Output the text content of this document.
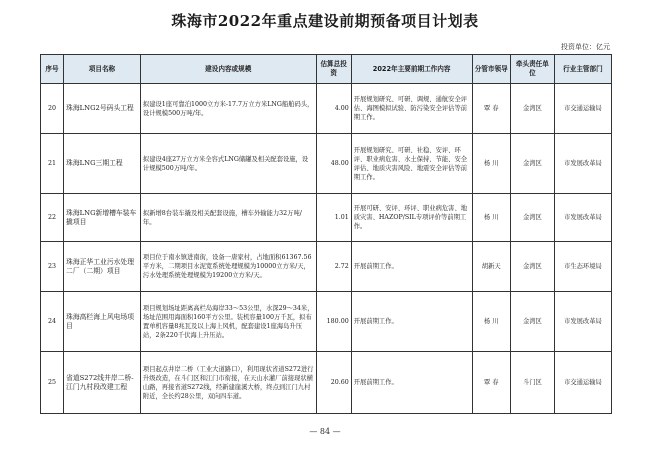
珠海市2022年重点建设前期预备项目计划表
投资单位：亿元
序号	项目名称	建设内容或规模	估算总投资	2022年主要前期工作内容	分管市领导	牵头责任单位	行业主管部门
20	珠海LNG2号码头工程	拟建设1座可靠泊1000立方米-17.7万立方米LNG船舶码头，设计规模500万吨/年。	4.00	开展规划研究、可研、调规、通航安全评估、海图模拟试验、防污染安全评估等前期工作。	覃 春	金湾区	市交通运输局
21	珠海LNG三期工程	拟建设4座27万立方米全容式LNG储罐及相关配套设施，设计规模500万吨/年。	48.00	开展规划研究、可研、社稳、安评、环评、职业病危害、水土保持、节能、安全评估、地质灾害风险、地震安全评估等前期工作。	杨 川	金湾区	市发展改革局
22	珠海LNG新增槽车装车撬项目	拟新增8台装车撬及相关配套设施，槽车外输能力32万吨/年。	1.01	开展可研、安评、环评、职业病危害、地质灾害、HAZOP/SIL专项评价等前期工作。	杨 川	金湾区	市发展改革局
23	珠海正华工业污水处理二厂（二期）项目	项目位于南水镇进南街，设备一唐家村，占地面积61367.56平方米，二期项目水泥宽系统处理规模为10000立方米/天，污水处理系统处理规模为19200立方米/天。	2.72	开展前期工作。	胡新天	金湾区	市生态环境局
24	珠海高栏海上风电场项目	项目规划场址距离高栏岛海岸33～53公里，水深29～34米，场址范围用海面积160平方公里。装机容量100万千瓦，拟布置单机容量8兆瓦及以上海上风机，配套建设1座海岛升压站，2条220千伏海上升压站。	180.00	开展前期工作。	杨 川	金湾区	市发展改革局
25	省道S272线井岸二桥-江门九村段改建工程	项目起点井岸二桥（工业大道路口），利用现状省道S272进行升级改造，在斗门区和江门市衔接，在天山水灌厂前接现状横山路，再接省道S272线，经新建崖溪大桥，终点到江门九村附近，全长约28公里，双向四车道。	20.60	开展前期工作。	覃 春	斗门区	市交通运输局
— 84 —
